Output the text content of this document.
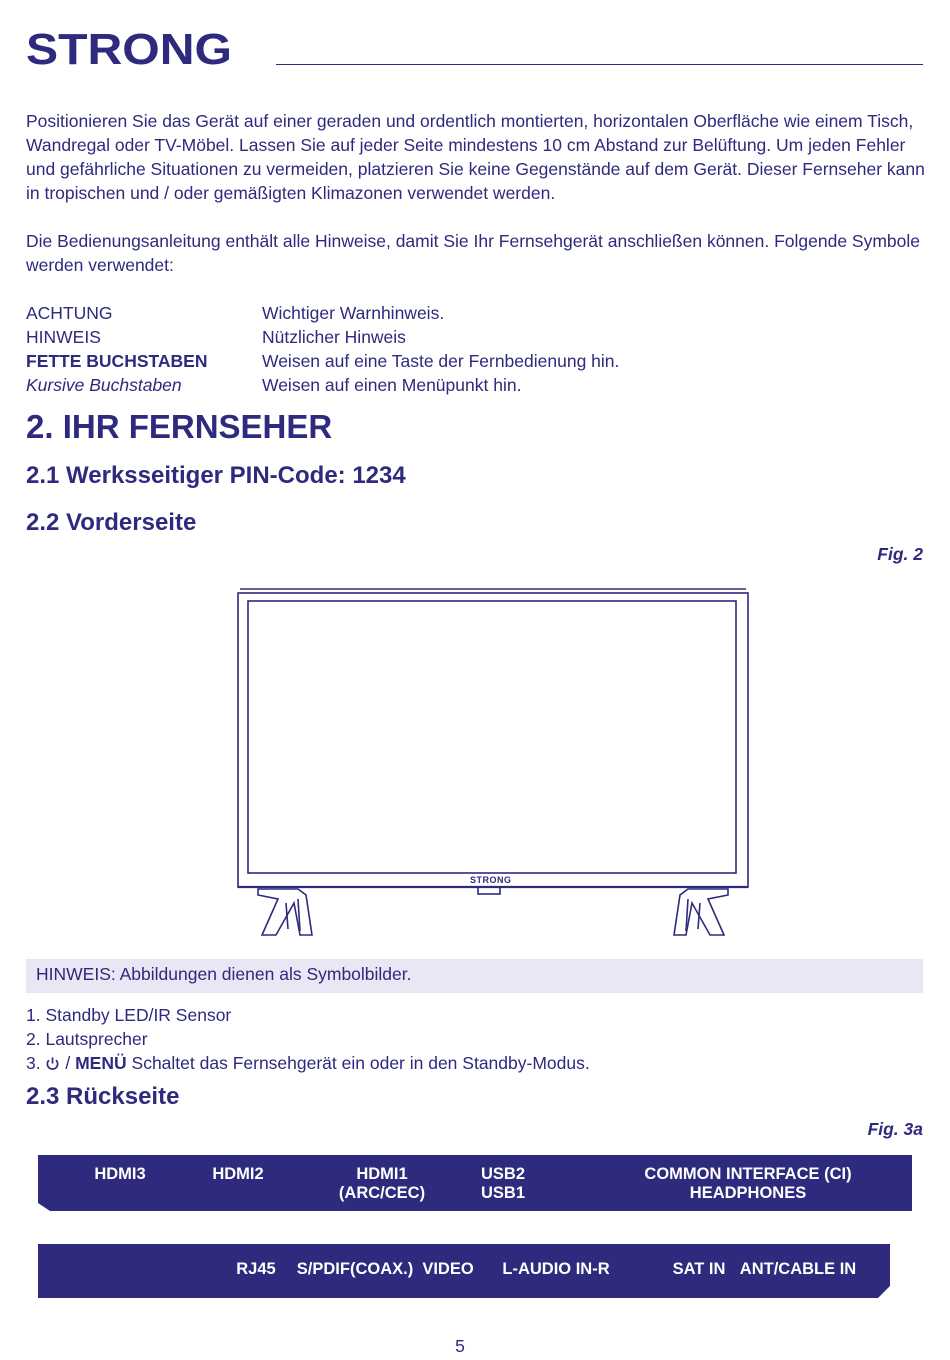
STRONG

Positionieren Sie das Gerät auf einer geraden und ordentlich montierten, horizontalen Oberfläche wie einem Tisch, Wandregal oder TV-Möbel. Lassen Sie auf jeder Seite mindestens 10 cm Abstand zur Belüftung. Um jeden Fehler und gefährliche Situationen zu vermeiden, platzieren Sie keine Gegenstände auf dem Gerät. Dieser Fernseher kann in tropischen und / oder gemäßigten Klimazonen verwendet werden.

Die Bedienungsanleitung enthält alle Hinweise, damit Sie Ihr Fernsehgerät anschließen können. Folgende Symbole werden verwendet:

ACHTUNG	Wichtiger Warnhinweis.
HINWEIS	Nützlicher Hinweis
FETTE BUCHSTABEN	Weisen auf eine Taste der Fernbedienung hin.
Kursive Buchstaben	Weisen auf einen Menüpunkt hin.
2. IHR FERNSEHER
2.1 Werksseitiger PIN-Code: 1234
2.2 Vorderseite
Fig. 2
STRONG
HINWEIS: Abbildungen dienen als Symbolbilder.
1. Standby LED/IR Sensor
2. Lautsprecher
3. / MENÜ Schaltet das Fernsehgerät ein oder in den Standby-Modus.
2.3 Rückseite
Fig. 3a
HDMI3	HDMI2	HDMI1
(ARC/CEC)
USB2
USB1
COMMON INTERFACE (CI)
HEADPHONES
RJ45	S/PDIF(COAX.) VIDEO L-AUDIO IN-R	SAT IN ANT/CABLE IN
5
